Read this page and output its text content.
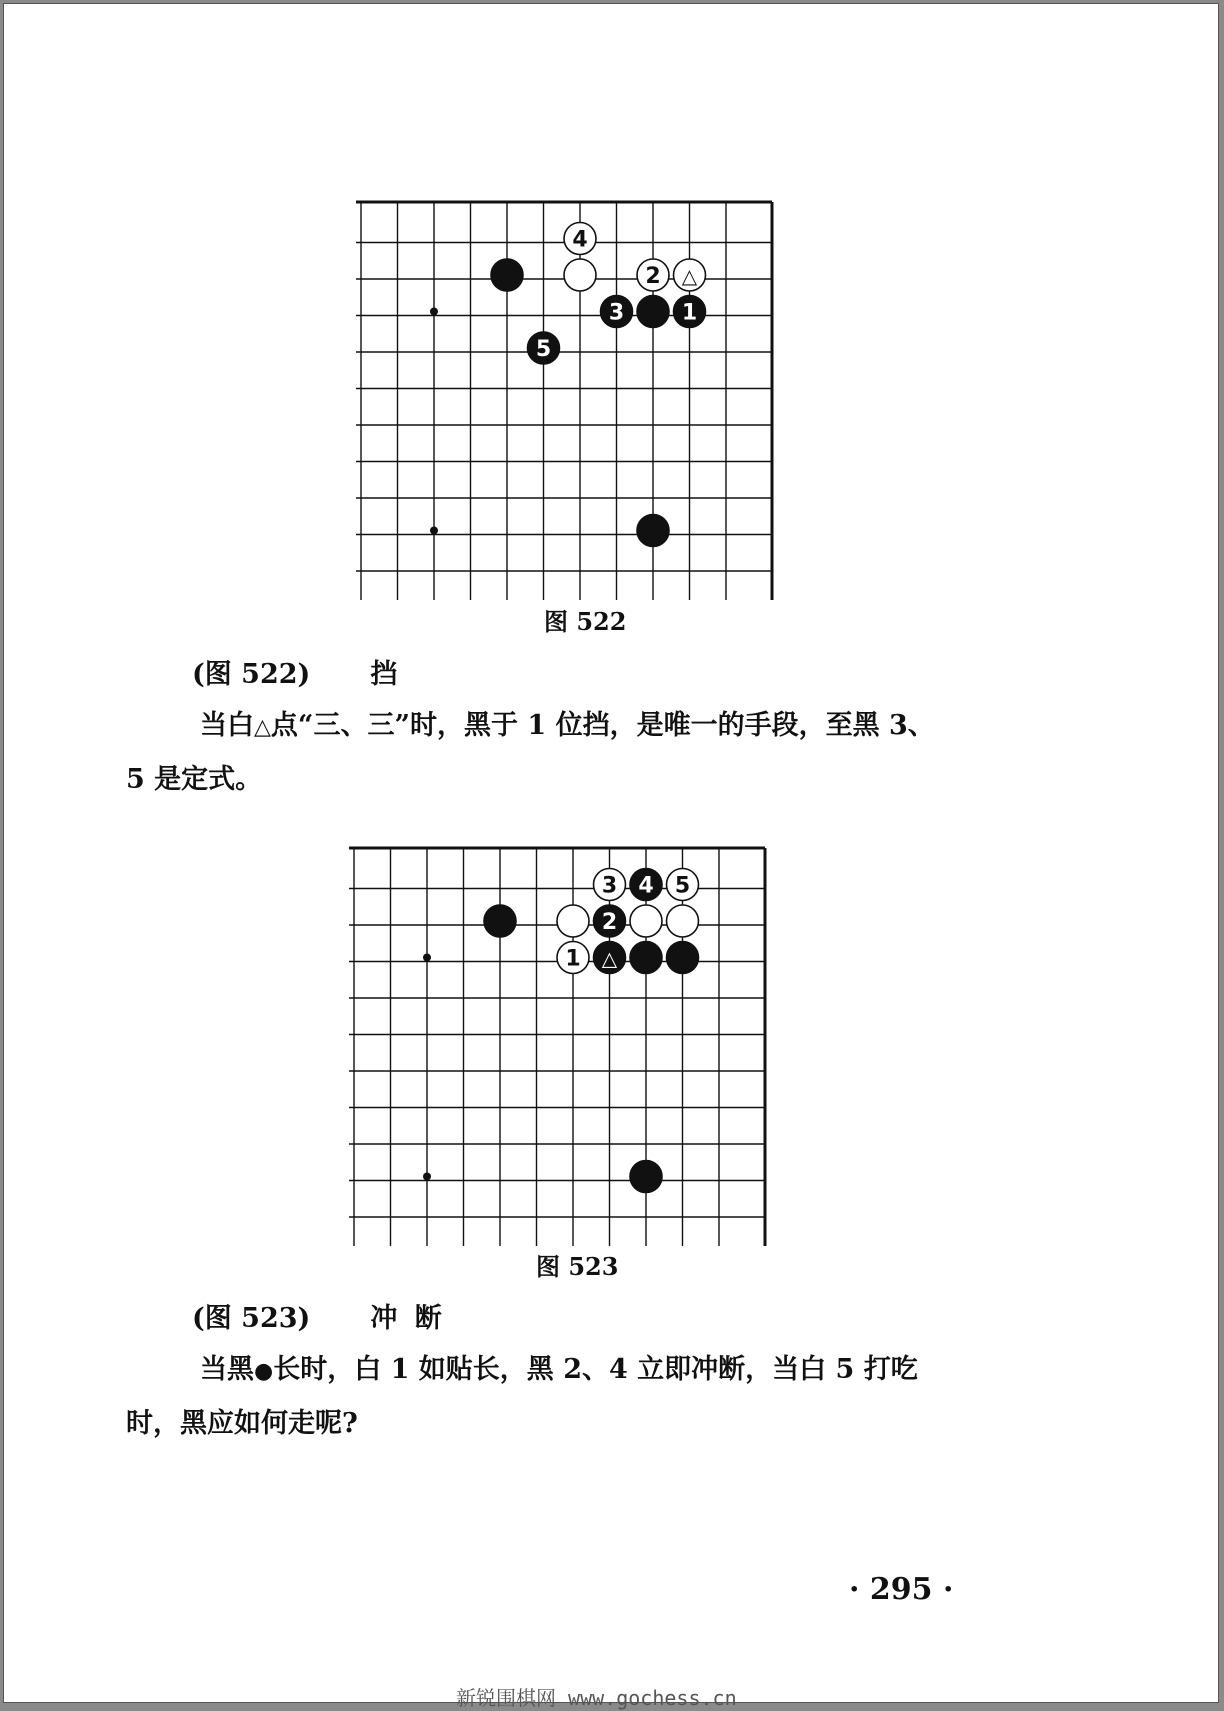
4
2 △
3	1
5
图 522
(图 522) 挡

当白△点“三、三”时，黑于 1 位挡，是唯一的手段，至黑 3、

5 是定式。

3 4 5
2
1 △
图 523
(图 523) 冲 断

当黑●长时，白 1 如贴长，黑 2、4 立即冲断，当白 5 打吃

时，黑应如何走呢?

· 295 ·
新锐围棋网 www.gochess.cn
